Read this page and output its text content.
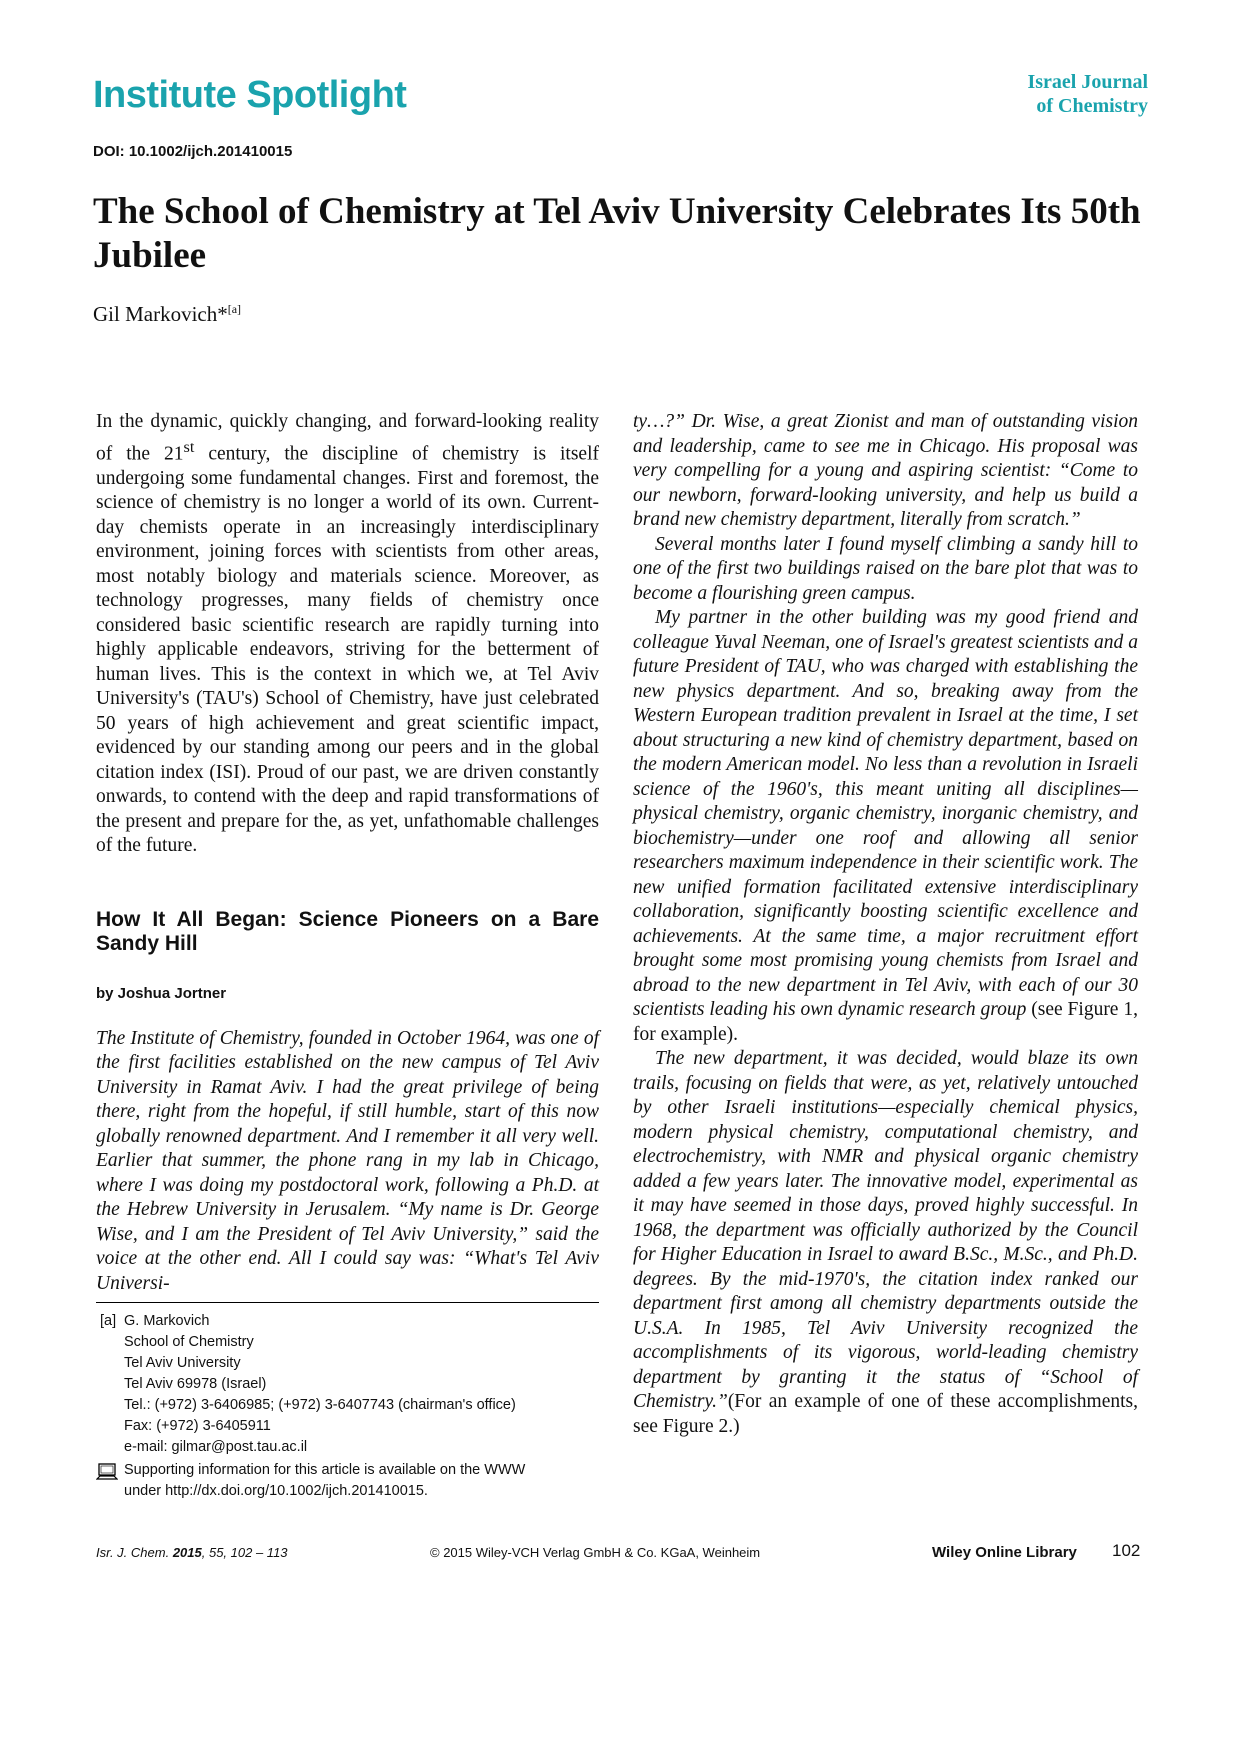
Institute Spotlight	Israel Journal
of Chemistry
DOI: 10.1002/ijch.201410015
The School of Chemistry at Tel Aviv University Celebrates Its 50th Jubilee
Gil Markovich*[a]

In the dynamic, quickly changing, and forward-looking reality of the 21st century, the discipline of chemistry is itself undergoing some fundamental changes. First and foremost, the science of chemistry is no longer a world of its own. Current-day chemists operate in an increasingly interdisciplinary environment, joining forces with scientists from other areas, most notably biology and materials science. Moreover, as technology progresses, many fields of chemistry once considered basic scientific research are rapidly turning into highly applicable endeavors, striving for the betterment of human lives. This is the context in which we, at Tel Aviv University's (TAU's) School of Chemistry, have just celebrated 50 years of high achievement and great scientific impact, evidenced by our standing among our peers and in the global citation index (ISI). Proud of our past, we are driven constantly onwards, to contend with the deep and rapid transformations of the present and prepare for the, as yet, unfathomable challenges of the future.

How It All Began: Science Pioneers on a Bare Sandy Hill
by Joshua Jortner

The Institute of Chemistry, founded in October 1964, was one of the first facilities established on the new campus of Tel Aviv University in Ramat Aviv. I had the great privilege of being there, right from the hopeful, if still humble, start of this now globally renowned department. And I remember it all very well. Earlier that summer, the phone rang in my lab in Chicago, where I was doing my postdoctoral work, following a Ph.D. at the Hebrew University in Jerusalem. “My name is Dr. George Wise, and I am the President of Tel Aviv University,” said the voice at the other end. All I could say was: “What's Tel Aviv Universi-

ty…?” Dr. Wise, a great Zionist and man of outstanding vision and leadership, came to see me in Chicago. His proposal was very compelling for a young and aspiring scientist: “Come to our newborn, forward-looking university, and help us build a brand new chemistry department, literally from scratch.”

Several months later I found myself climbing a sandy hill to one of the first two buildings raised on the bare plot that was to become a flourishing green campus.

My partner in the other building was my good friend and colleague Yuval Neeman, one of Israel's greatest scientists and a future President of TAU, who was charged with establishing the new physics department. And so, breaking away from the Western European tradition prevalent in Israel at the time, I set about structuring a new kind of chemistry department, based on the modern American model. No less than a revolution in Israeli science of the 1960's, this meant uniting all disciplines—physical chemistry, organic chemistry, inorganic chemistry, and biochemistry—under one roof and allowing all senior researchers maximum independence in their scientific work. The new unified formation facilitated extensive interdisciplinary collaboration, significantly boosting scientific excellence and achievements. At the same time, a major recruitment effort brought some most promising young chemists from Israel and abroad to the new department in Tel Aviv, with each of our 30 scientists leading his own dynamic research group (see Figure 1, for example).

The new department, it was decided, would blaze its own trails, focusing on fields that were, as yet, relatively untouched by other Israeli institutions—especially chemical physics, modern physical chemistry, computational chemistry, and electrochemistry, with NMR and physical organic chemistry added a few years later. The innovative model, experimental as it may have seemed in those days, proved highly successful. In 1968, the department was officially authorized by the Council for Higher Education in Israel to award B.Sc., M.Sc., and Ph.D. degrees. By the mid-1970's, the citation index ranked our department first among all chemistry departments outside the U.S.A. In 1985, Tel Aviv University recognized the accomplishments of its vigorous, world-leading chemistry department by granting it the status of “School of Chemistry.”(For an example of one of these accomplishments, see Figure 2.)

[a] G. Markovich
School of Chemistry
Tel Aviv University
Tel Aviv 69978 (Israel)
Tel.: (+972) 3-6406985; (+972) 3-6407743 (chairman's office)
Fax: (+972) 3-6405911
e-mail: gilmar@post.tau.ac.il
Supporting information for this article is available on the WWW
under http://dx.doi.org/10.1002/ijch.201410015.
Isr. J. Chem. 2015, 55, 102 – 113	© 2015 Wiley-VCH Verlag GmbH & Co. KGaA, Weinheim	Wiley Online Library 102
